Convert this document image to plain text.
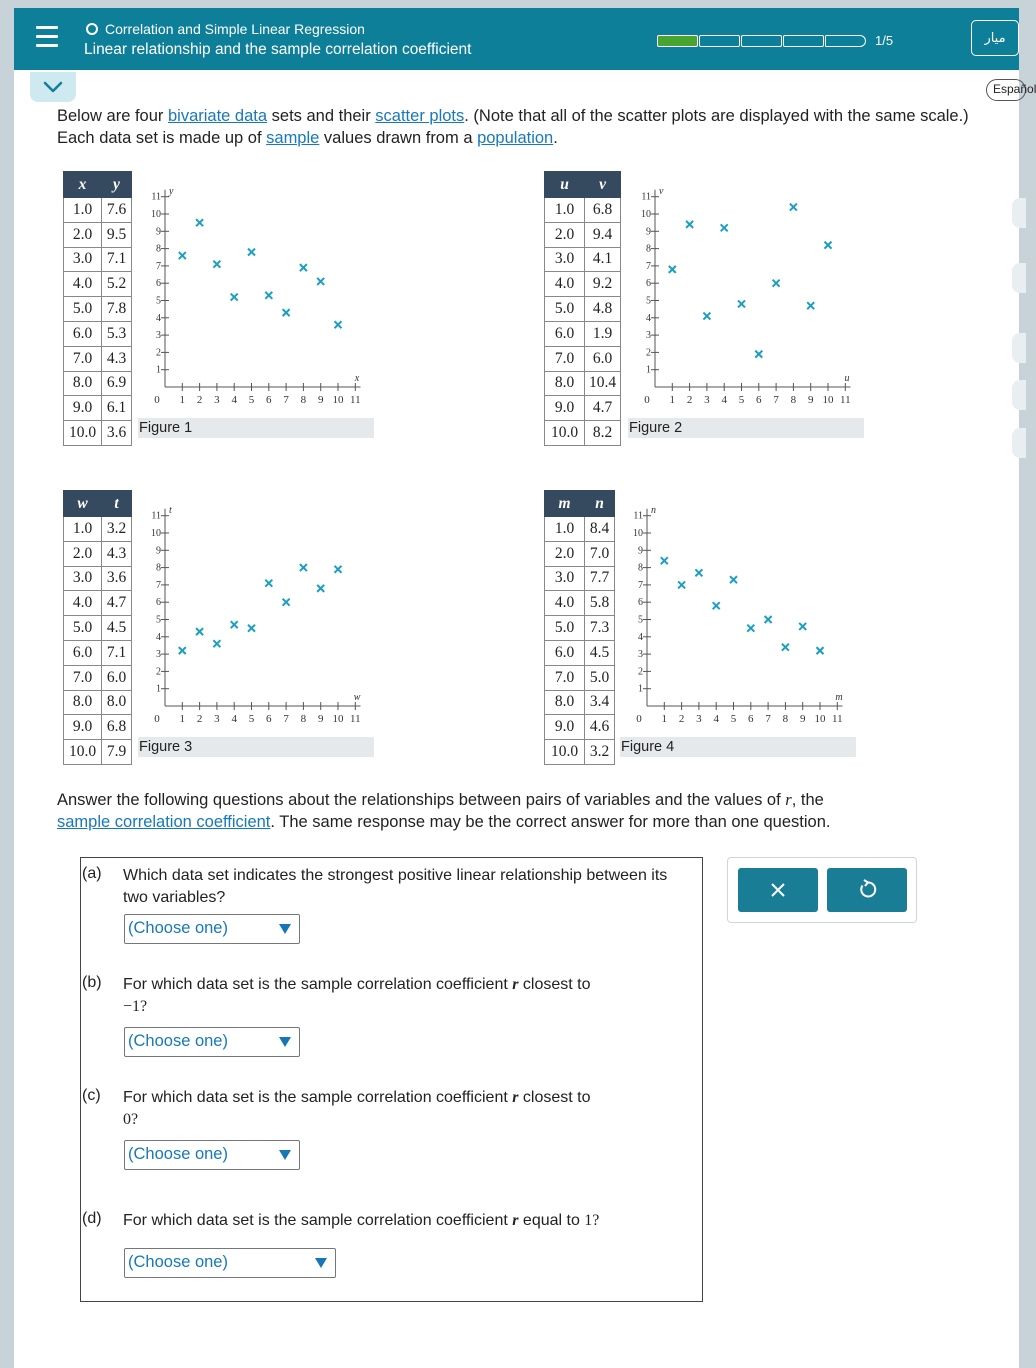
Correlation and Simple Linear Regression
Linear relationship and the sample correlation coefficient
1/5	ميار
Español
Below are four bivariate data sets and their scatter plots. (Note that all of the scatter plots are displayed with the same scale.) Each data set is made up of sample values drawn from a population.
x	y
1.0	7.6
2.0	9.5
3.0	7.1
4.0	5.2
5.0	7.8
6.0	5.3
7.0	4.3
8.0	6.9
9.0	6.1
10.0	3.6
1
1
2
2
3
3
4
4
5
5
6
6
7
7
8
8
9
9
10
10
11
11
0
y
x
Figure 1
u	v
1.0	6.8
2.0	9.4
3.0	4.1
4.0	9.2
5.0	4.8
6.0	1.9
7.0	6.0
8.0	10.4
9.0	4.7
10.0	8.2
1
1
2
2
3
3
4
4
5
5
6
6
7
7
8
8
9
9
10
10
11
11
0
v
u
Figure 2
w	t
1.0	3.2
2.0	4.3
3.0	3.6
4.0	4.7
5.0	4.5
6.0	7.1
7.0	6.0
8.0	8.0
9.0	6.8
10.0	7.9
1
1
2
2
3
3
4
4
5
5
6
6
7
7
8
8
9
9
10
10
11
11
0
t
w
Figure 3
m	n
1.0	8.4
2.0	7.0
3.0	7.7
4.0	5.8
5.0	7.3
6.0	4.5
7.0	5.0
8.0	3.4
9.0	4.6
10.0	3.2
1
1
2
2
3
3
4
4
5
5
6
6
7
7
8
8
9
9
10
10
11
11
0
n
m
Figure 4
Answer the following questions about the relationships between pairs of variables and the values of r, the
sample correlation coefficient. The same response may be the correct answer for more than one question.
(a) Which data set indicates the strongest positive linear relationship between its two variables?
(Choose one)
(b) For which data set is the sample correlation coefficient r closest to
−1?
(Choose one)
(c) For which data set is the sample correlation coefficient r closest to
0?
(Choose one)
(d) For which data set is the sample correlation coefficient r equal to 1?
(Choose one)
